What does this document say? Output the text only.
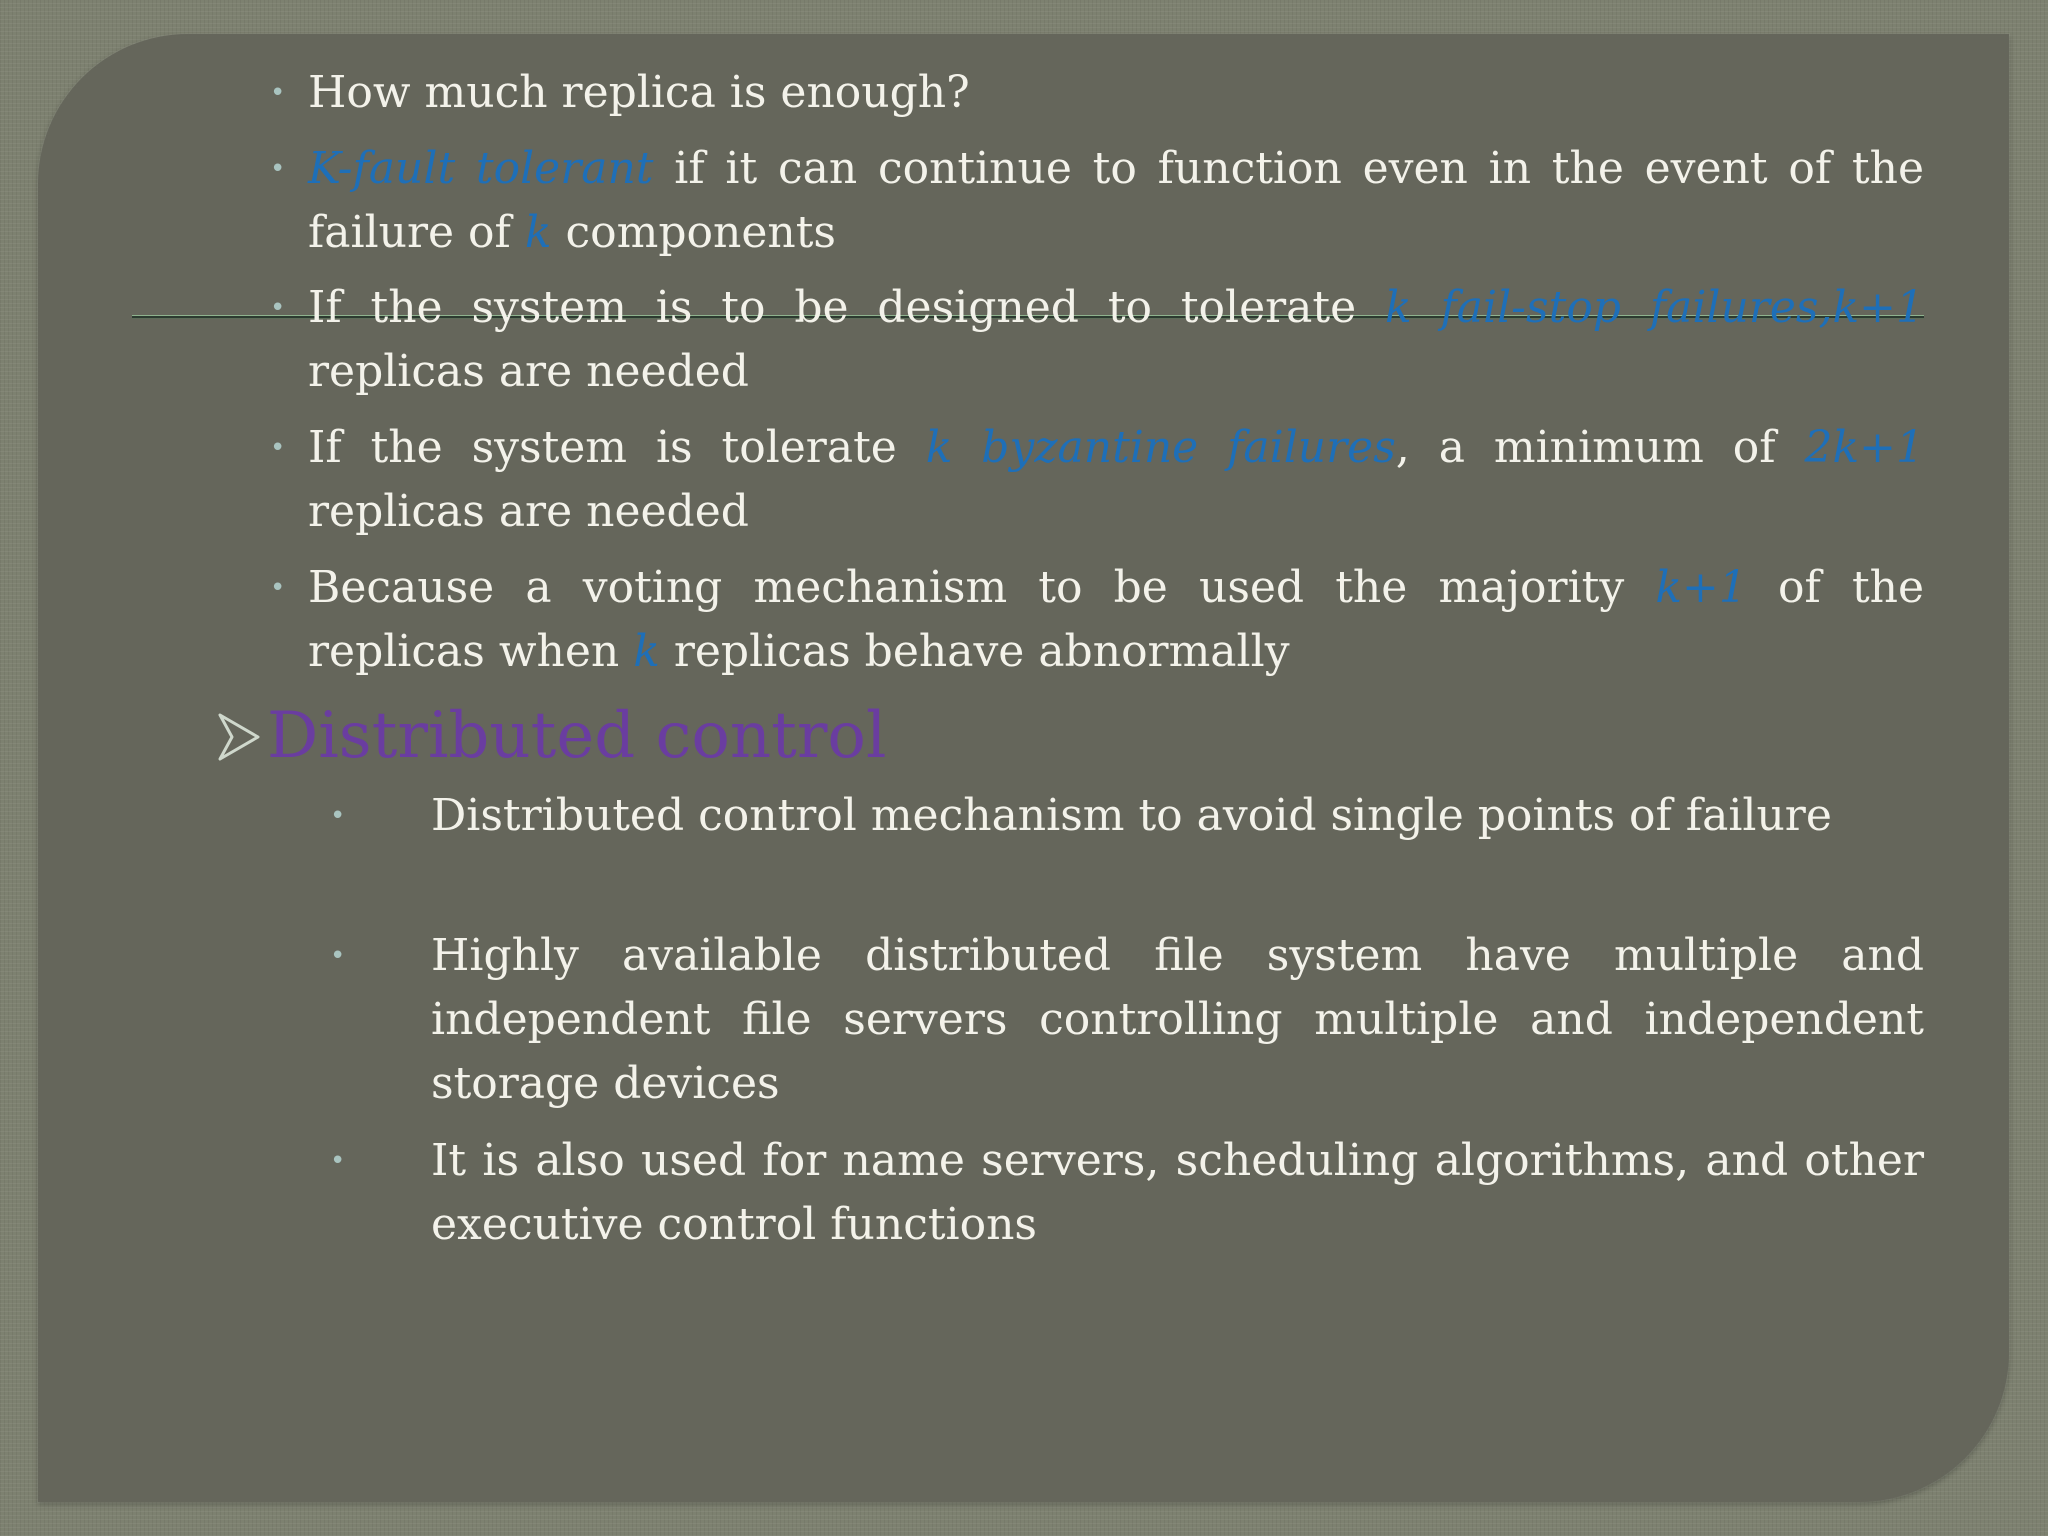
• How much replica is enough?
• K-fault tolerant if it can continue to function even in the event of the failure of k components
• If the system is to be designed to tolerate k fail-stop failures,k+1 replicas are needed
• If the system is tolerate k byzantine failures, a minimum of 2k+1 replicas are needed
• Because a voting mechanism to be used the majority k+1 of the replicas when k replicas behave abnormally
Distributed control
• Distributed control mechanism to avoid single points of failure
• Highly available distributed file system have multiple and independent file servers controlling multiple and independent storage devices
• It is also used for name servers, scheduling algorithms, and other executive control functions
